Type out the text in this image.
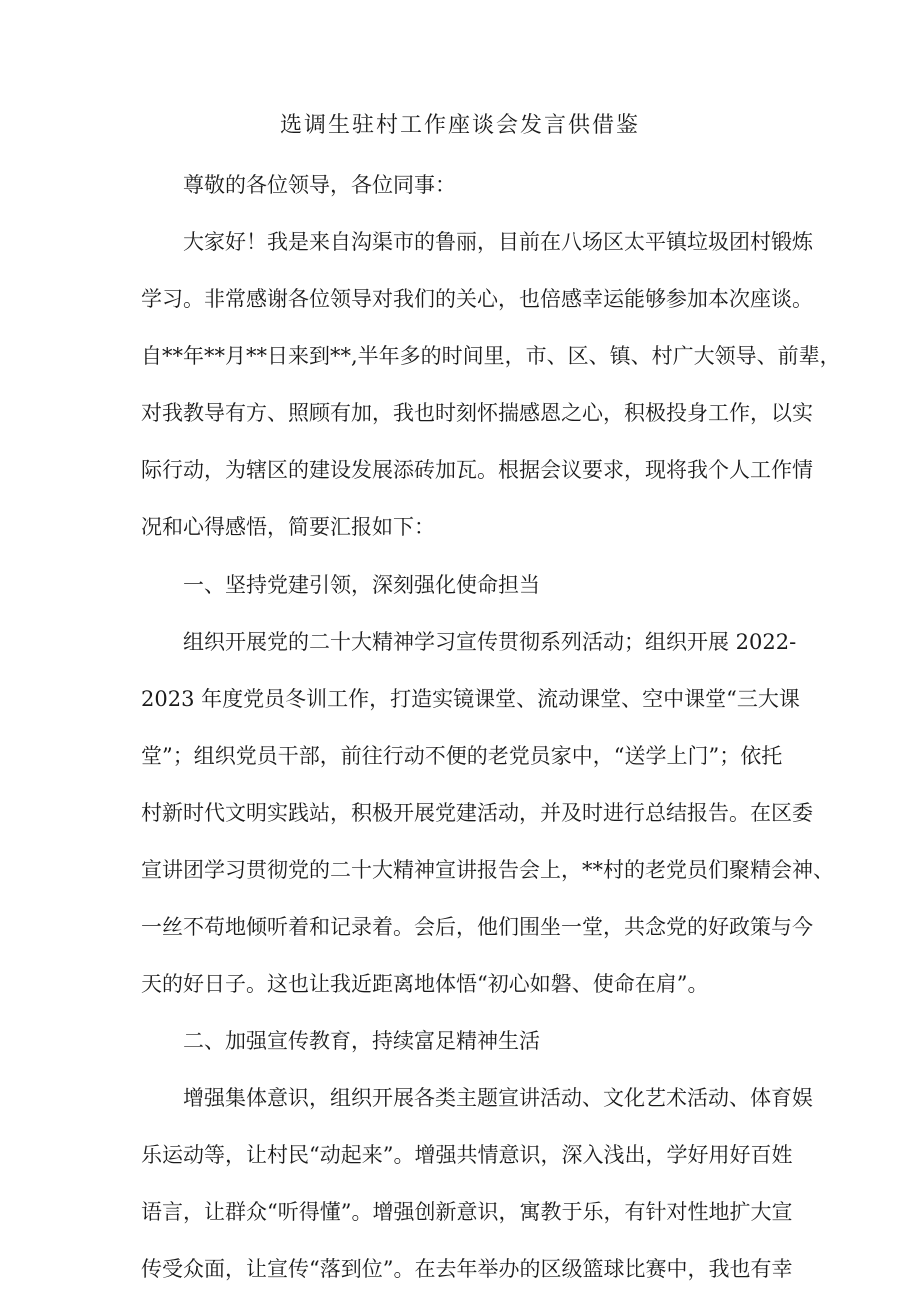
选调生驻村工作座谈会发言供借鉴
尊敬的各位领导，各位同事：
大家好！我是来自沟渠市的鲁丽，目前在八场区太平镇垃圾团村锻炼
学习。非常感谢各位领导对我们的关心，也倍感幸运能够参加本次座谈。
自**年**月**日来到**,半年多的时间里，市、区、镇、村广大领导、前辈，
对我教导有方、照顾有加，我也时刻怀揣感恩之心，积极投身工作，以实
际行动，为辖区的建设发展添砖加瓦。根据会议要求，现将我个人工作情
况和心得感悟，简要汇报如下：
一、坚持党建引领，深刻强化使命担当
组织开展党的二十大精神学习宣传贯彻系列活动；组织开展 2022-
2023 年度党员冬训工作，打造实镜课堂、流动课堂、空中课堂“三大课
堂”；组织党员干部，前往行动不便的老党员家中，“送学上门”；依托
村新时代文明实践站，积极开展党建活动，并及时进行总结报告。在区委
宣讲团学习贯彻党的二十大精神宣讲报告会上，**村的老党员们聚精会神、
一丝不苟地倾听着和记录着。会后，他们围坐一堂，共念党的好政策与今
天的好日子。这也让我近距离地体悟“初心如磐、使命在肩”。
二、加强宣传教育，持续富足精神生活
增强集体意识，组织开展各类主题宣讲活动、文化艺术活动、体育娱
乐运动等，让村民“动起来”。增强共情意识，深入浅出，学好用好百姓
语言，让群众“听得懂”。增强创新意识，寓教于乐，有针对性地扩大宣
传受众面，让宣传“落到位”。在去年举办的区级篮球比赛中，我也有幸
